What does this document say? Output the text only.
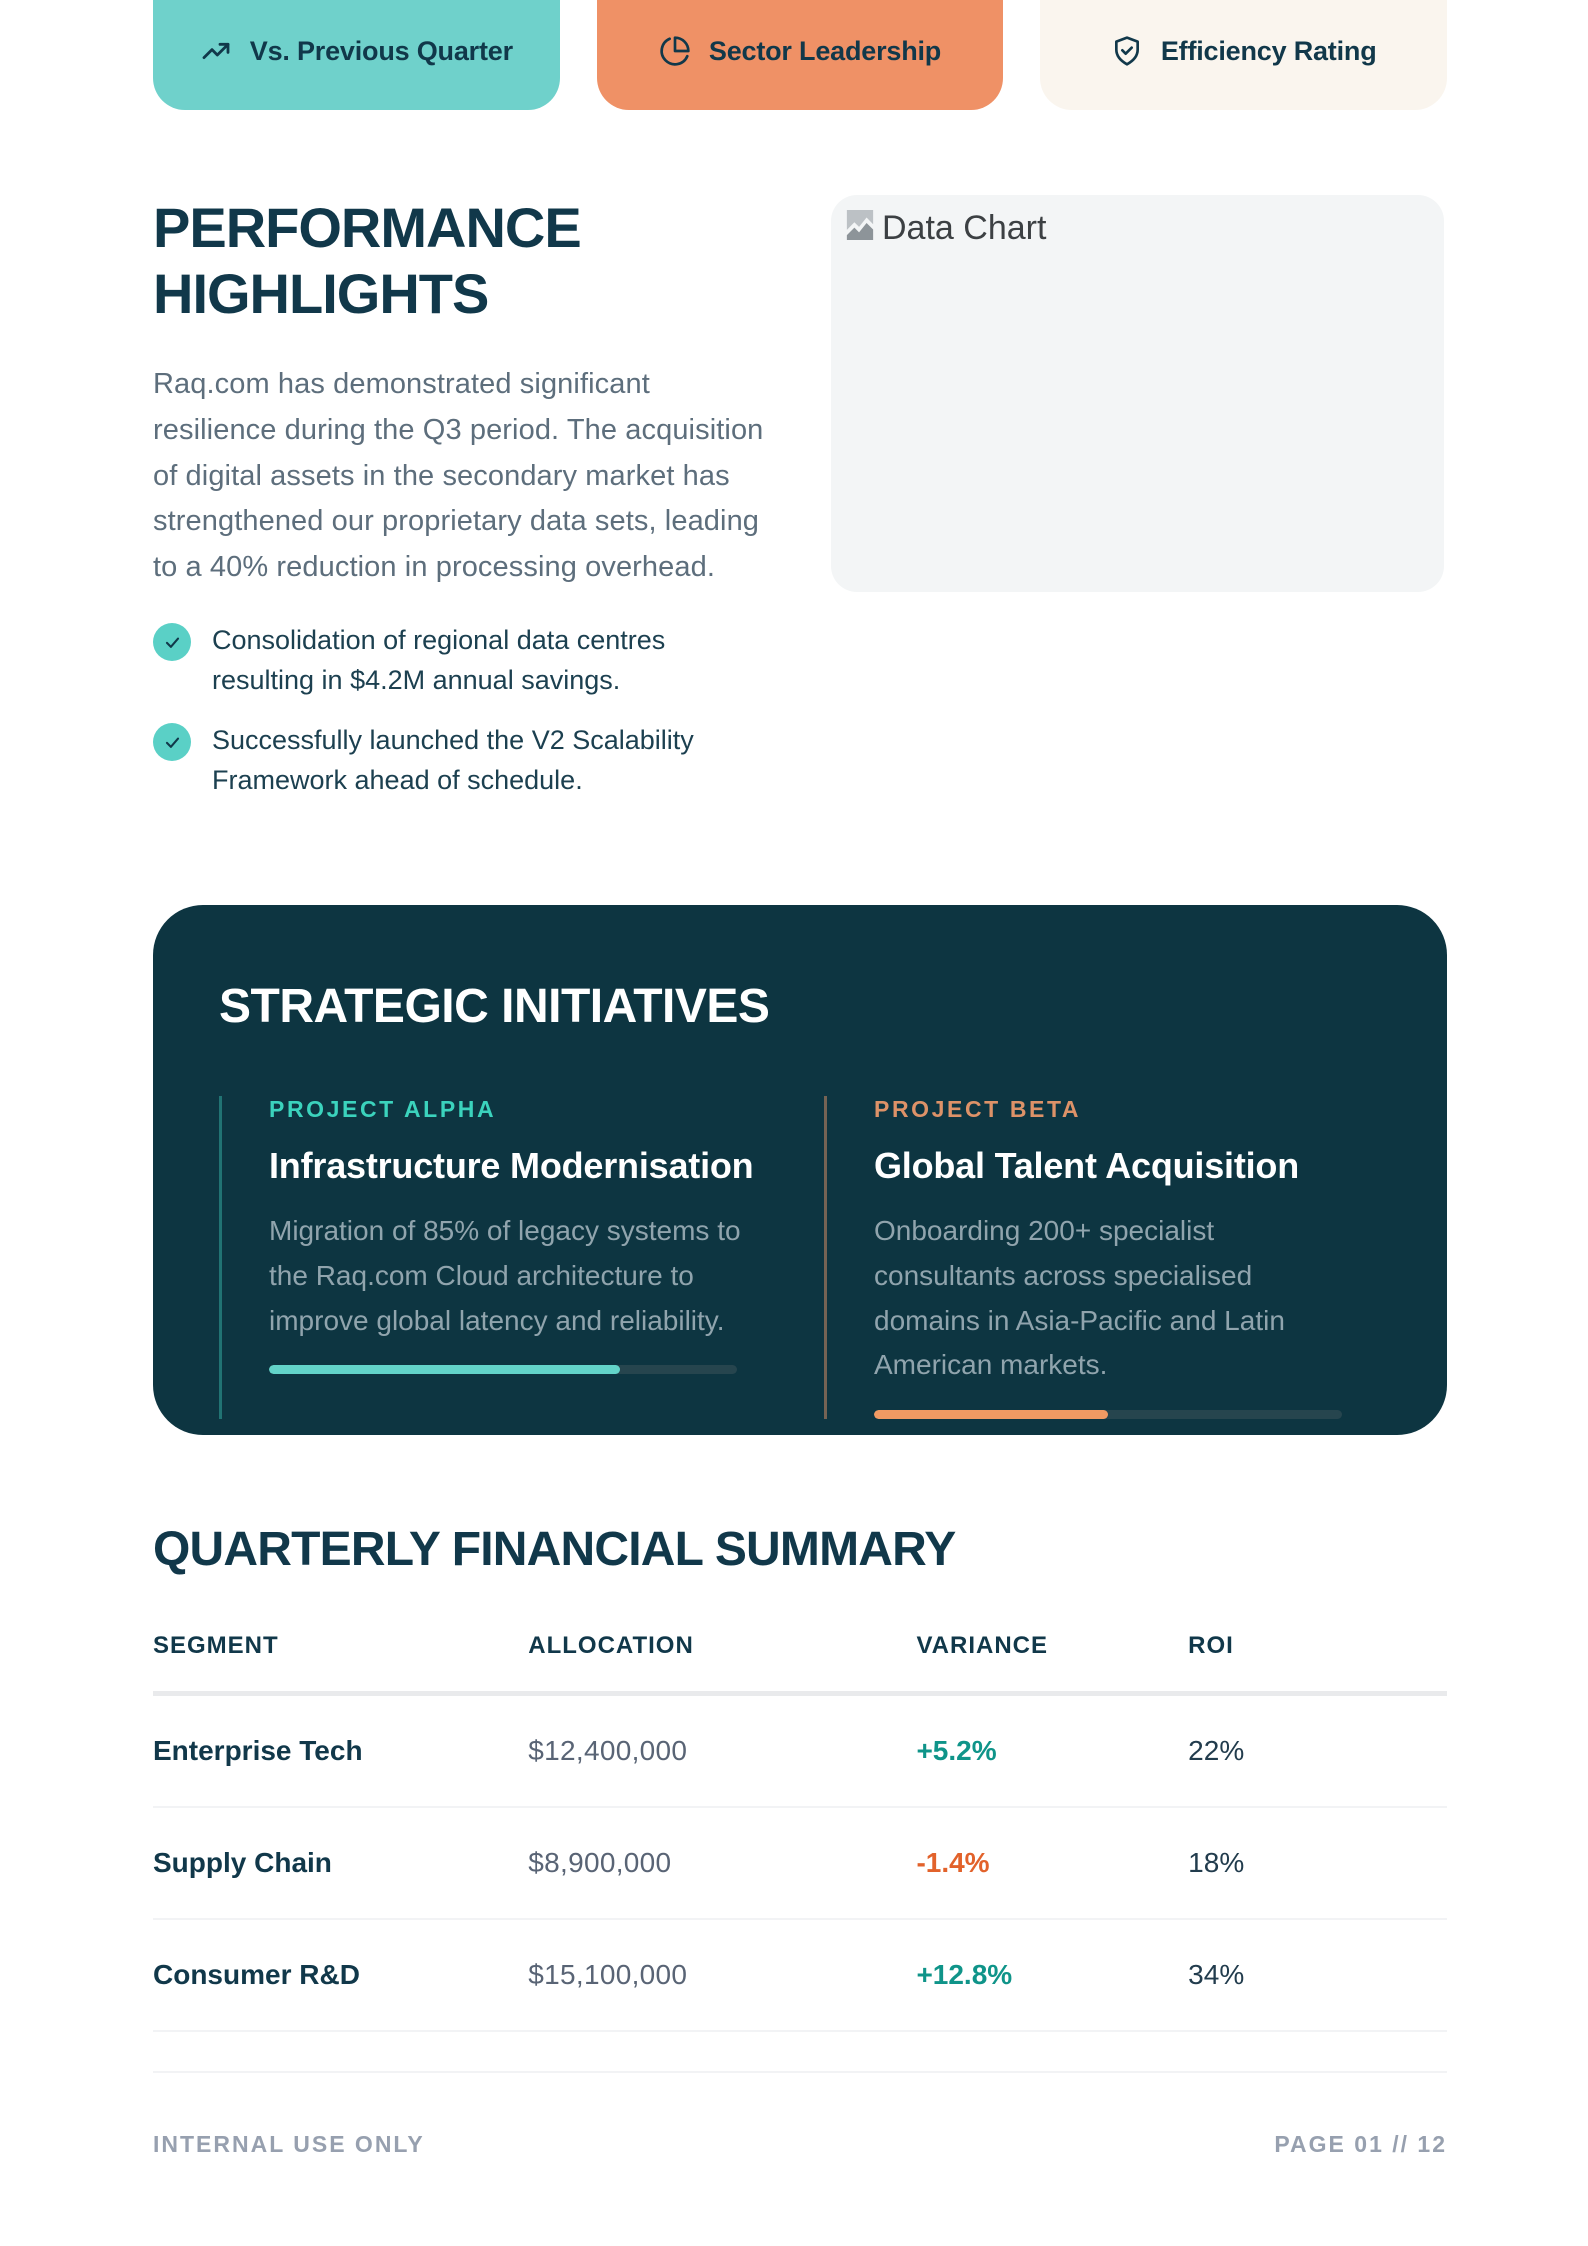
Vs. Previous Quarter	Sector Leadership	Efficiency Rating
PERFORMANCE
HIGHLIGHTS

Raq.com has demonstrated significant resilience during the Q3 period. The acquisition of digital assets in the secondary market has strengthened our proprietary data sets, leading to a 40% reduction in processing overhead.

Consolidation of regional data centres resulting in $4.2M annual savings.
Successfully launched the V2 Scalability Framework ahead of schedule.
Data Chart
STRATEGIC INITIATIVES
PROJECT ALPHA
Infrastructure Modernisation

Migration of 85% of legacy systems to the Raq.com Cloud architecture to improve global latency and reliability.

PROJECT BETA
Global Talent Acquisition

Onboarding 200+ specialist consultants across specialised domains in Asia-Pacific and Latin American markets.

QUARTERLY FINANCIAL SUMMARY
SEGMENT	ALLOCATION	VARIANCE	ROI
Enterprise Tech	$12,400,000	+5.2%	22%
Supply Chain	$8,900,000	-1.4%	18%
Consumer R&D	$15,100,000	+12.8%	34%
INTERNAL USE ONLY	PAGE 01 // 12
